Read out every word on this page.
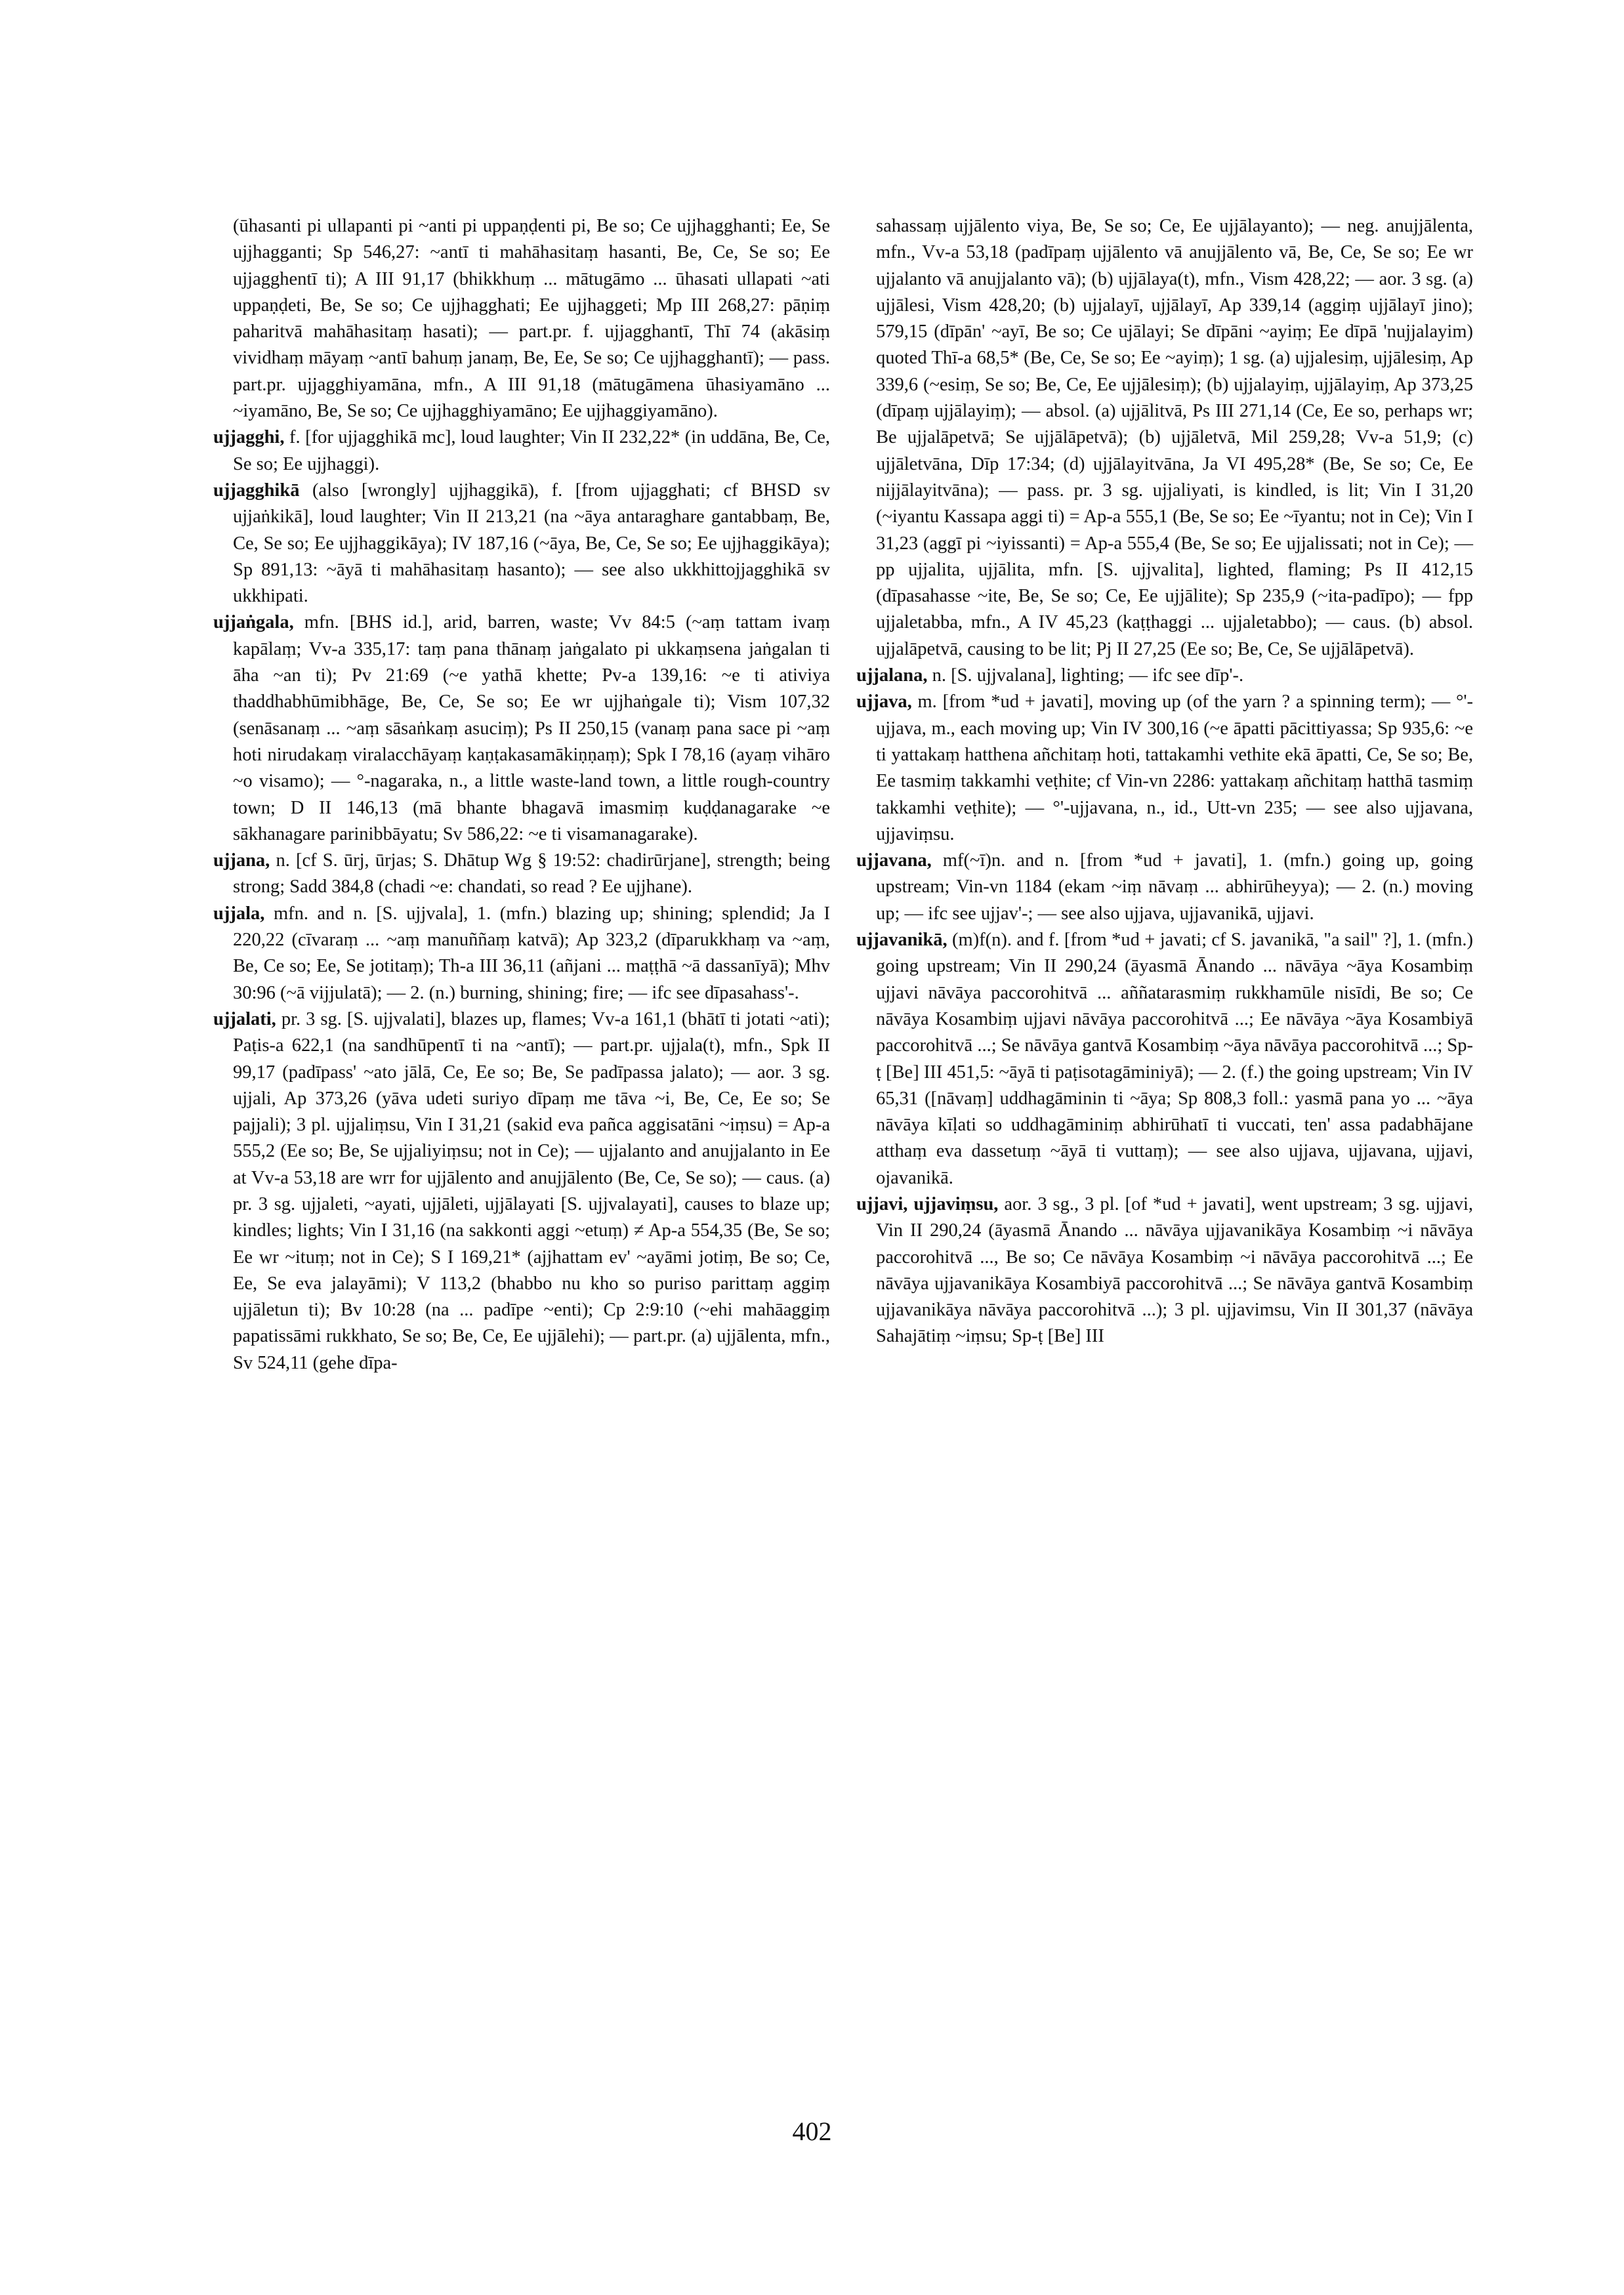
(ūhasanti pi ullapanti pi ~anti pi uppaṇḍenti pi, Be so; Ce ujjhagghanti; Ee, Se ujjhagganti; Sp 546,27: ~antī ti mahāhasitaṃ hasanti, Be, Ce, Se so; Ee ujjagghentī ti); A III 91,17 (bhikkhuṃ ... mātugāmo ... ūhasati ullapati ~ati uppaṇḍeti, Be, Se so; Ce ujjhagghati; Ee ujjhaggeti; Mp III 268,27: pāṇiṃ paharitvā mahāhasitaṃ hasati); — part.pr. f. ujjagghantī, Thī 74 (akāsiṃ vividhaṃ māyaṃ ~antī bahuṃ janaṃ, Be, Ee, Se so; Ce ujjhagghantī); — pass. part.pr. ujjagghiyamāna, mfn., A III 91,18 (mātugāmena ūhasiyamāno ... ~iyamāno, Be, Se so; Ce ujjhagghiyamāno; Ee ujjhaggiyamāno).

ujjagghi, f. [for ujjagghikā mc], loud laughter; Vin II 232,22* (in uddāna, Be, Ce, Se so; Ee ujjhaggi).

ujjagghikā (also [wrongly] ujjhaggikā), f. [from ujjagghati; cf BHSD sv ujjaṅkikā], loud laughter; Vin II 213,21 (na ~āya antaraghare gantabbaṃ, Be, Ce, Se so; Ee ujjhaggikāya); IV 187,16 (~āya, Be, Ce, Se so; Ee ujjhaggikāya); Sp 891,13: ~āyā ti mahāhasitaṃ hasanto); — see also ukkhittojjagghikā sv ukkhipati.

ujjaṅgala, mfn. [BHS id.], arid, barren, waste; Vv 84:5 (~aṃ tattam ivaṃ kapālaṃ; Vv-a 335,17: taṃ pana thānaṃ jaṅgalato pi ukkaṃsena jaṅgalan ti āha ~an ti); Pv 21:69 (~e yathā khette; Pv-a 139,16: ~e ti ativiya thaddhabhūmibhāge, Be, Ce, Se so; Ee wr ujjhaṅgale ti); Vism 107,32 (senāsanaṃ ... ~aṃ sāsaṅkaṃ asuciṃ); Ps II 250,15 (vanaṃ pana sace pi ~aṃ hoti nirudakaṃ viralacchāyaṃ kaṇṭakasamākiṇṇaṃ); Spk I 78,16 (ayaṃ vihāro ~o visamo); — °-nagaraka, n., a little waste-land town, a little rough-country town; D II 146,13 (mā bhante bhagavā imasmiṃ kuḍḍanagarake ~e sākhanagare parinibbāyatu; Sv 586,22: ~e ti visamanagarake).

ujjana, n. [cf S. ūrj, ūrjas; S. Dhātup Wg § 19:52: chadirūrjane], strength; being strong; Sadd 384,8 (chadi ~e: chandati, so read ? Ee ujjhane).

ujjala, mfn. and n. [S. ujjvala], 1. (mfn.) blazing up; shining; splendid; Ja I 220,22 (cīvaraṃ ... ~aṃ manuññaṃ katvā); Ap 323,2 (dīparukkhaṃ va ~aṃ, Be, Ce so; Ee, Se jotitaṃ); Th-a III 36,11 (añjani ... maṭṭhā ~ā dassanīyā); Mhv 30:96 (~ā vijjulatā); — 2. (n.) burning, shining; fire; — ifc see dīpasahass'-.

ujjalati, pr. 3 sg. [S. ujjvalati], blazes up, flames; Vv-a 161,1 (bhātī ti jotati ~ati); Paṭis-a 622,1 (na sandhūpentī ti na ~antī); — part.pr. ujjala(t), mfn., Spk II 99,17 (padīpass' ~ato jālā, Ce, Ee so; Be, Se padīpassa jalato); — aor. 3 sg. ujjali, Ap 373,26 (yāva udeti suriyo dīpaṃ me tāva ~i, Be, Ce, Ee so; Se pajjali); 3 pl. ujjaliṃsu, Vin I 31,21 (sakid eva pañca aggisatāni ~iṃsu) = Ap-a 555,2 (Ee so; Be, Se ujjaliyiṃsu; not in Ce); — ujjalanto and anujjalanto in Ee at Vv-a 53,18 are wrr for ujjālento and anujjālento (Be, Ce, Se so); — caus. (a) pr. 3 sg. ujjaleti, ~ayati, ujjāleti, ujjālayati [S. ujjvalayati], causes to blaze up; kindles; lights; Vin I 31,16 (na sakkonti aggi ~etuṃ) ≠ Ap-a 554,35 (Be, Se so; Ee wr ~ituṃ; not in Ce); S I 169,21* (ajjhattam ev' ~ayāmi jotiṃ, Be so; Ce, Ee, Se eva jalayāmi); V 113,2 (bhabbo nu kho so puriso parittaṃ aggiṃ ujjāletun ti); Bv 10:28 (na ... padīpe ~enti); Cp 2:9:10 (~ehi mahāaggiṃ papatissāmi rukkhato, Se so; Be, Ce, Ee ujjālehi); — part.pr. (a) ujjālenta, mfn., Sv 524,11 (gehe dīpa-

sahassaṃ ujjālento viya, Be, Se so; Ce, Ee ujjālayanto); — neg. anujjālenta, mfn., Vv-a 53,18 (padīpaṃ ujjālento vā anujjālento vā, Be, Ce, Se so; Ee wr ujjalanto vā anujjalanto vā); (b) ujjālaya(t), mfn., Vism 428,22; — aor. 3 sg. (a) ujjālesi, Vism 428,20; (b) ujjalayī, ujjālayī, Ap 339,14 (aggiṃ ujjālayī jino); 579,15 (dīpān' ~ayī, Be so; Ce ujālayi; Se dīpāni ~ayiṃ; Ee dīpā 'nujjalayim) quoted Thī-a 68,5* (Be, Ce, Se so; Ee ~ayiṃ); 1 sg. (a) ujjalesiṃ, ujjālesiṃ, Ap 339,6 (~esiṃ, Se so; Be, Ce, Ee ujjālesiṃ); (b) ujjalayiṃ, ujjālayiṃ, Ap 373,25 (dīpaṃ ujjālayiṃ); — absol. (a) ujjālitvā, Ps III 271,14 (Ce, Ee so, perhaps wr; Be ujjalāpetvā; Se ujjālāpetvā); (b) ujjāletvā, Mil 259,28; Vv-a 51,9; (c) ujjāletvāna, Dīp 17:34; (d) ujjālayitvāna, Ja VI 495,28* (Be, Se so; Ce, Ee nijjālayitvāna); — pass. pr. 3 sg. ujjaliyati, is kindled, is lit; Vin I 31,20 (~iyantu Kassapa aggi ti) = Ap-a 555,1 (Be, Se so; Ee ~īyantu; not in Ce); Vin I 31,23 (aggī pi ~iyissanti) = Ap-a 555,4 (Be, Se so; Ee ujjalissati; not in Ce); — pp ujjalita, ujjālita, mfn. [S. ujjvalita], lighted, flaming; Ps II 412,15 (dīpasahasse ~ite, Be, Se so; Ce, Ee ujjālite); Sp 235,9 (~ita-padīpo); — fpp ujjaletabba, mfn., A IV 45,23 (kaṭṭhaggi ... ujjaletabbo); — caus. (b) absol. ujjalāpetvā, causing to be lit; Pj II 27,25 (Ee so; Be, Ce, Se ujjālāpetvā).

ujjalana, n. [S. ujjvalana], lighting; — ifc see dīp'-.

ujjava, m. [from *ud + javati], moving up (of the yarn ? a spinning term); — °'-ujjava, m., each moving up; Vin IV 300,16 (~e āpatti pācittiyassa; Sp 935,6: ~e ti yattakaṃ hatthena añchitaṃ hoti, tattakamhi vethite ekā āpatti, Ce, Se so; Be, Ee tasmiṃ takkamhi veṭhite; cf Vin-vn 2286: yattakaṃ añchitaṃ hatthā tasmiṃ takkamhi veṭhite); — °'-ujjavana, n., id., Utt-vn 235; — see also ujjavana, ujjaviṃsu.

ujjavana, mf(~ī)n. and n. [from *ud + javati], 1. (mfn.) going up, going upstream; Vin-vn 1184 (ekam ~iṃ nāvaṃ ... abhirūheyya); — 2. (n.) moving up; — ifc see ujjav'-; — see also ujjava, ujjavanikā, ujjavi.

ujjavanikā, (m)f(n). and f. [from *ud + javati; cf S. javanikā, "a sail" ?], 1. (mfn.) going upstream; Vin II 290,24 (āyasmā Ānando ... nāvāya ~āya Kosambiṃ ujjavi nāvāya paccorohitvā ... aññatarasmiṃ rukkhamūle nisīdi, Be so; Ce nāvāya Kosambiṃ ujjavi nāvāya paccorohitvā ...; Ee nāvāya ~āya Kosambiyā paccorohitvā ...; Se nāvāya gantvā Kosambiṃ ~āya nāvāya paccorohitvā ...; Sp-ṭ [Be] III 451,5: ~āyā ti paṭisotagāminiyā); — 2. (f.) the going upstream; Vin IV 65,31 ([nāvaṃ] uddhagāminin ti ~āya; Sp 808,3 foll.: yasmā pana yo ... ~āya nāvāya kīḷati so uddhagāminiṃ abhirūhatī ti vuccati, ten' assa padabhājane atthaṃ eva dassetuṃ ~āyā ti vuttaṃ); — see also ujjava, ujjavana, ujjavi, ojavanikā.

ujjavi, ujjaviṃsu, aor. 3 sg., 3 pl. [of *ud + javati], went upstream; 3 sg. ujjavi, Vin II 290,24 (āyasmā Ānando ... nāvāya ujjavanikāya Kosambiṃ ~i nāvāya paccorohitvā ..., Be so; Ce nāvāya Kosambiṃ ~i nāvāya paccorohitvā ...; Ee nāvāya ujjavanikāya Kosambiyā paccorohitvā ...; Se nāvāya gantvā Kosambiṃ ujjavanikāya nāvāya paccorohitvā ...); 3 pl. ujjavimsu, Vin II 301,37 (nāvāya Sahajātiṃ ~iṃsu; Sp-ṭ [Be] III

402
